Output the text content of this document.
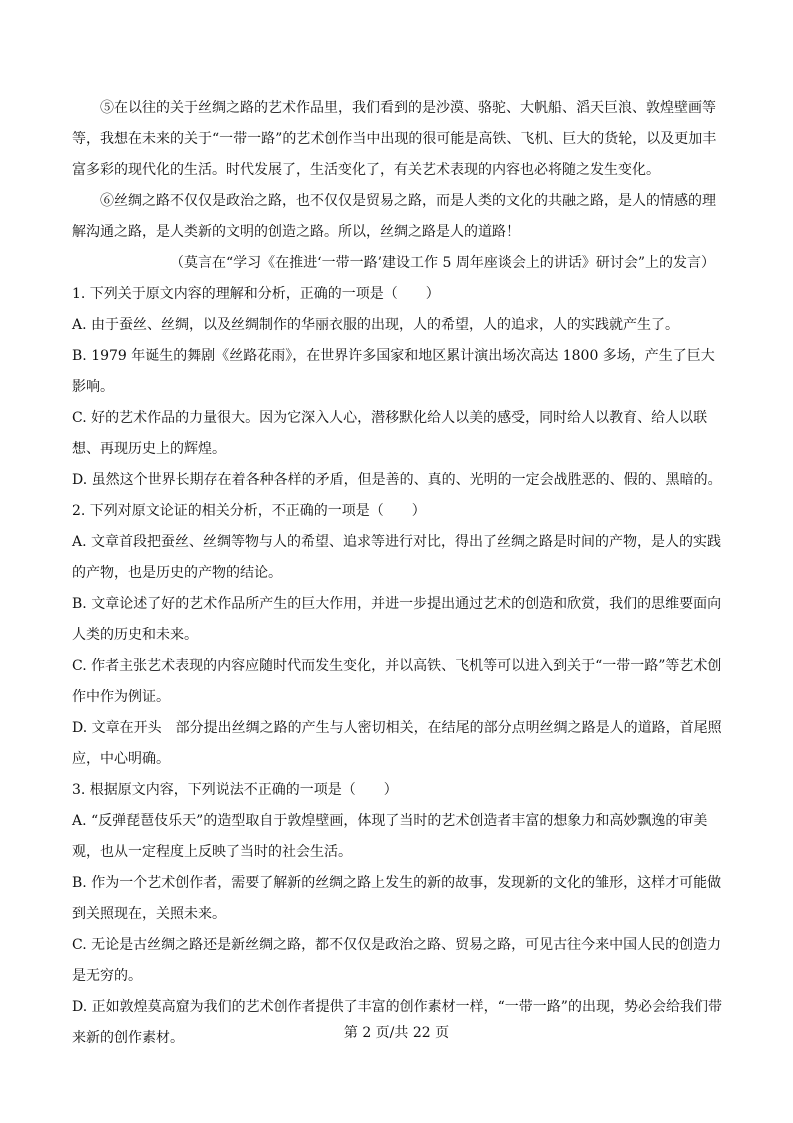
⑤在以往的关于丝绸之路的艺术作品里，我们看到的是沙漠、骆驼、大帆船、滔天巨浪、敦煌壁画等等，我想在未来的关于“一带一路”的艺术创作当中出现的很可能是高铁、飞机、巨大的货轮，以及更加丰富多彩的现代化的生活。时代发展了，生活变化了，有关艺术表现的内容也必将随之发生变化。

⑥丝绸之路不仅仅是政治之路，也不仅仅是贸易之路，而是人类的文化的共融之路，是人的情感的理解沟通之路，是人类新的文明的创造之路。所以，丝绸之路是人的道路！

（莫言在“学习《在推进‘一带一路’建设工作 5 周年座谈会上的讲话》研讨会”上的发言）

1. 下列关于原文内容的理解和分析，正确的一项是（　　）

A. 由于蚕丝、丝绸，以及丝绸制作的华丽衣服的出现，人的希望，人的追求，人的实践就产生了。

B. 1979 年诞生的舞剧《丝路花雨》，在世界许多国家和地区累计演出场次高达 1800 多场，产生了巨大影响。

C. 好的艺术作品的力量很大。因为它深入人心，潜移默化给人以美的感受，同时给人以教育、给人以联想、再现历史上的辉煌。

D. 虽然这个世界长期存在着各种各样的矛盾，但是善的、真的、光明的一定会战胜恶的、假的、黑暗的。

2. 下列对原文论证的相关分析，不正确的一项是（　　）

A. 文章首段把蚕丝、丝绸等物与人的希望、追求等进行对比，得出了丝绸之路是时间的产物，是人的实践的产物，也是历史的产物的结论。

B. 文章论述了好的艺术作品所产生的巨大作用，并进一步提出通过艺术的创造和欣赏，我们的思维要面向人类的历史和未来。

C. 作者主张艺术表现的内容应随时代而发生变化，并以高铁、飞机等可以进入到关于“一带一路”等艺术创作中作为例证。

D. 文章在开头　部分提出丝绸之路的产生与人密切相关，在结尾的部分点明丝绸之路是人的道路，首尾照应，中心明确。

3. 根据原文内容，下列说法不正确的一项是（　　）

A. “反弹琵琶伎乐天”的造型取自于敦煌壁画，体现了当时的艺术创造者丰富的想象力和高妙飘逸的审美观，也从一定程度上反映了当时的社会生活。

B. 作为一个艺术创作者，需要了解新的丝绸之路上发生的新的故事，发现新的文化的雏形，这样才可能做到关照现在，关照未来。

C. 无论是古丝绸之路还是新丝绸之路，都不仅仅是政治之路、贸易之路，可见古往今来中国人民的创造力是无穷的。

D. 正如敦煌莫高窟为我们的艺术创作者提供了丰富的创作素材一样，“一带一路”的出现，势必会给我们带来新的创作素材。	第 2 页/共 22 页
